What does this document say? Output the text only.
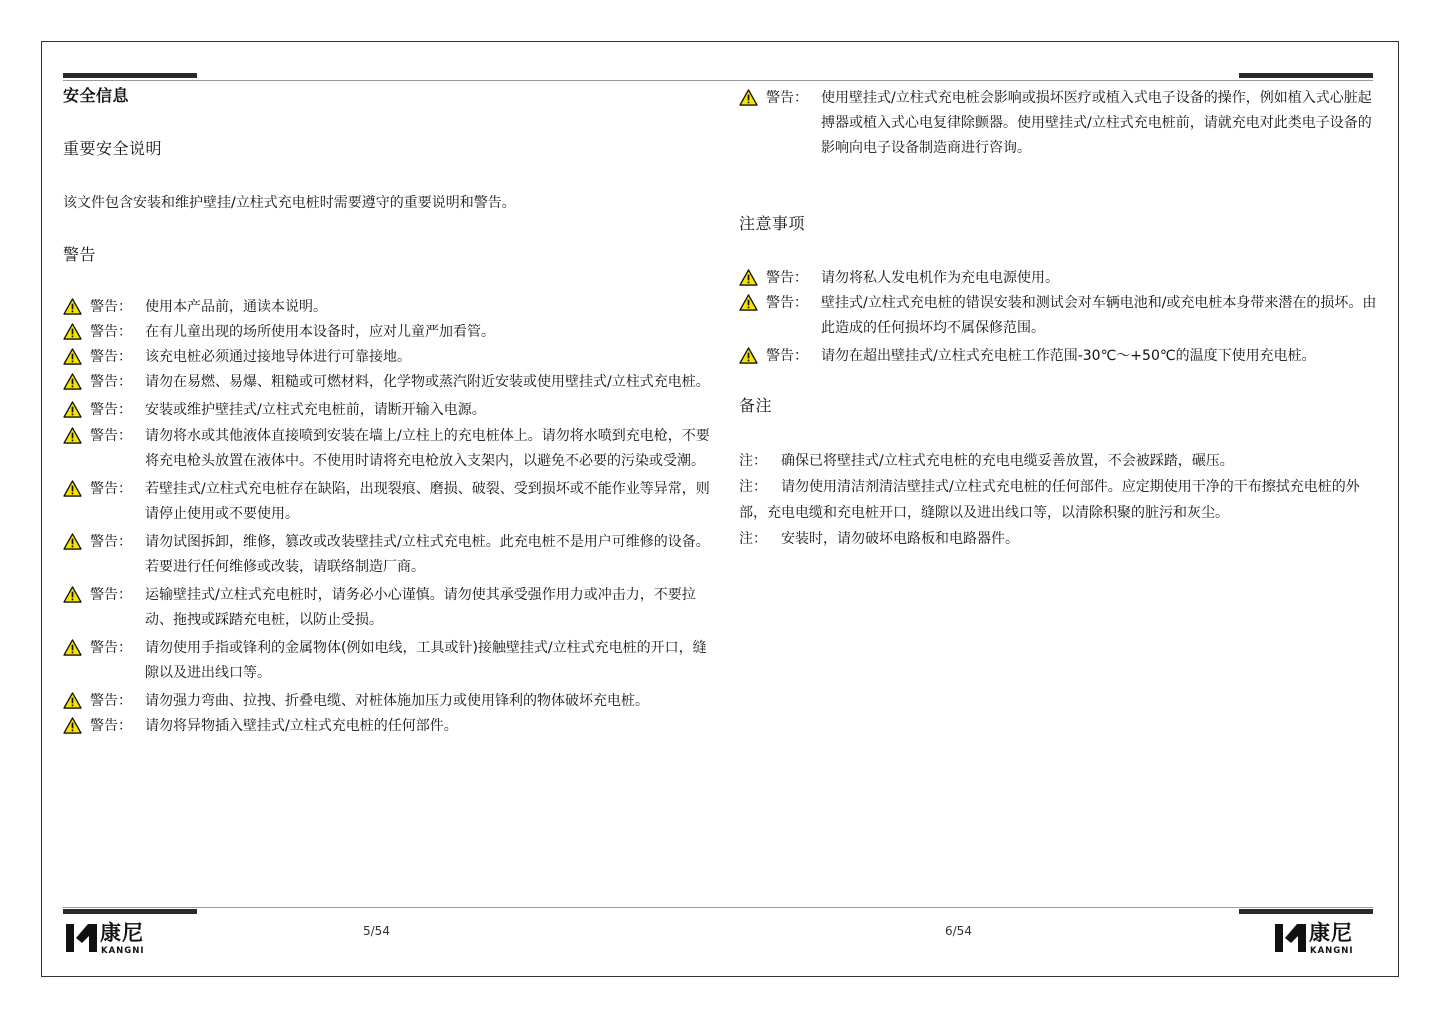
安全信息
重要安全说明
该文件包含安装和维护壁挂/立柱式充电桩时需要遵守的重要说明和警告。
警告
警告： 使用本产品前，通读本说明。
警告： 在有儿童出现的场所使用本设备时，应对儿童严加看管。
警告： 该充电桩必须通过接地导体进行可靠接地。
警告： 请勿在易燃、易爆、粗糙或可燃材料，化学物或蒸汽附近安装或使用壁挂式/立柱式充电桩。
警告： 安装或维护壁挂式/立柱式充电桩前，请断开输入电源。
警告： 请勿将水或其他液体直接喷到安装在墙上/立柱上的充电桩体上。请勿将水喷到充电枪，不要将充电枪头放置在液体中。不使用时请将充电枪放入支架内，以避免不必要的污染或受潮。
警告： 若壁挂式/立柱式充电桩存在缺陷，出现裂痕、磨损、破裂、受到损坏或不能作业等异常，则请停止使用或不要使用。
警告： 请勿试图拆卸，维修，篡改或改装壁挂式/立柱式充电桩。此充电桩不是用户可维修的设备。若要进行任何维修或改装，请联络制造厂商。
警告： 运输壁挂式/立柱式充电桩时，请务必小心谨慎。请勿使其承受强作用力或冲击力，不要拉动、拖拽或踩踏充电桩，以防止受损。
警告： 请勿使用手指或锋利的金属物体(例如电线，工具或针)接触壁挂式/立柱式充电桩的开口，缝隙以及进出线口等。
警告： 请勿强力弯曲、拉拽、折叠电缆、对桩体施加压力或使用锋利的物体破坏充电桩。
警告： 请勿将异物插入壁挂式/立柱式充电桩的任何部件。
警告： 使用壁挂式/立柱式充电桩会影响或损坏医疗或植入式电子设备的操作，例如植入式心脏起搏器或植入式心电复律除颤器。使用壁挂式/立柱式充电桩前，请就充电对此类电子设备的影响向电子设备制造商进行咨询。
注意事项
警告： 请勿将私人发电机作为充电电源使用。
警告： 壁挂式/立柱式充电桩的错误安装和测试会对车辆电池和/或充电桩本身带来潜在的损坏。由此造成的任何损坏均不属保修范围。
警告： 请勿在超出壁挂式/立柱式充电桩工作范围-30℃～+50℃的温度下使用充电桩。
备注
注： 确保已将壁挂式/立柱式充电桩的充电电缆妥善放置，不会被踩踏，碾压。
注： 请勿使用清洁剂清洁壁挂式/立柱式充电桩的任何部件。应定期使用干净的干布擦拭充电桩的外部，充电电缆和充电桩开口，缝隙以及进出线口等，以清除积聚的脏污和灰尘。
注： 安装时，请勿破坏电路板和电路器件。
5/54	6/54
康尼
KANGNI
康尼
KANGNI
